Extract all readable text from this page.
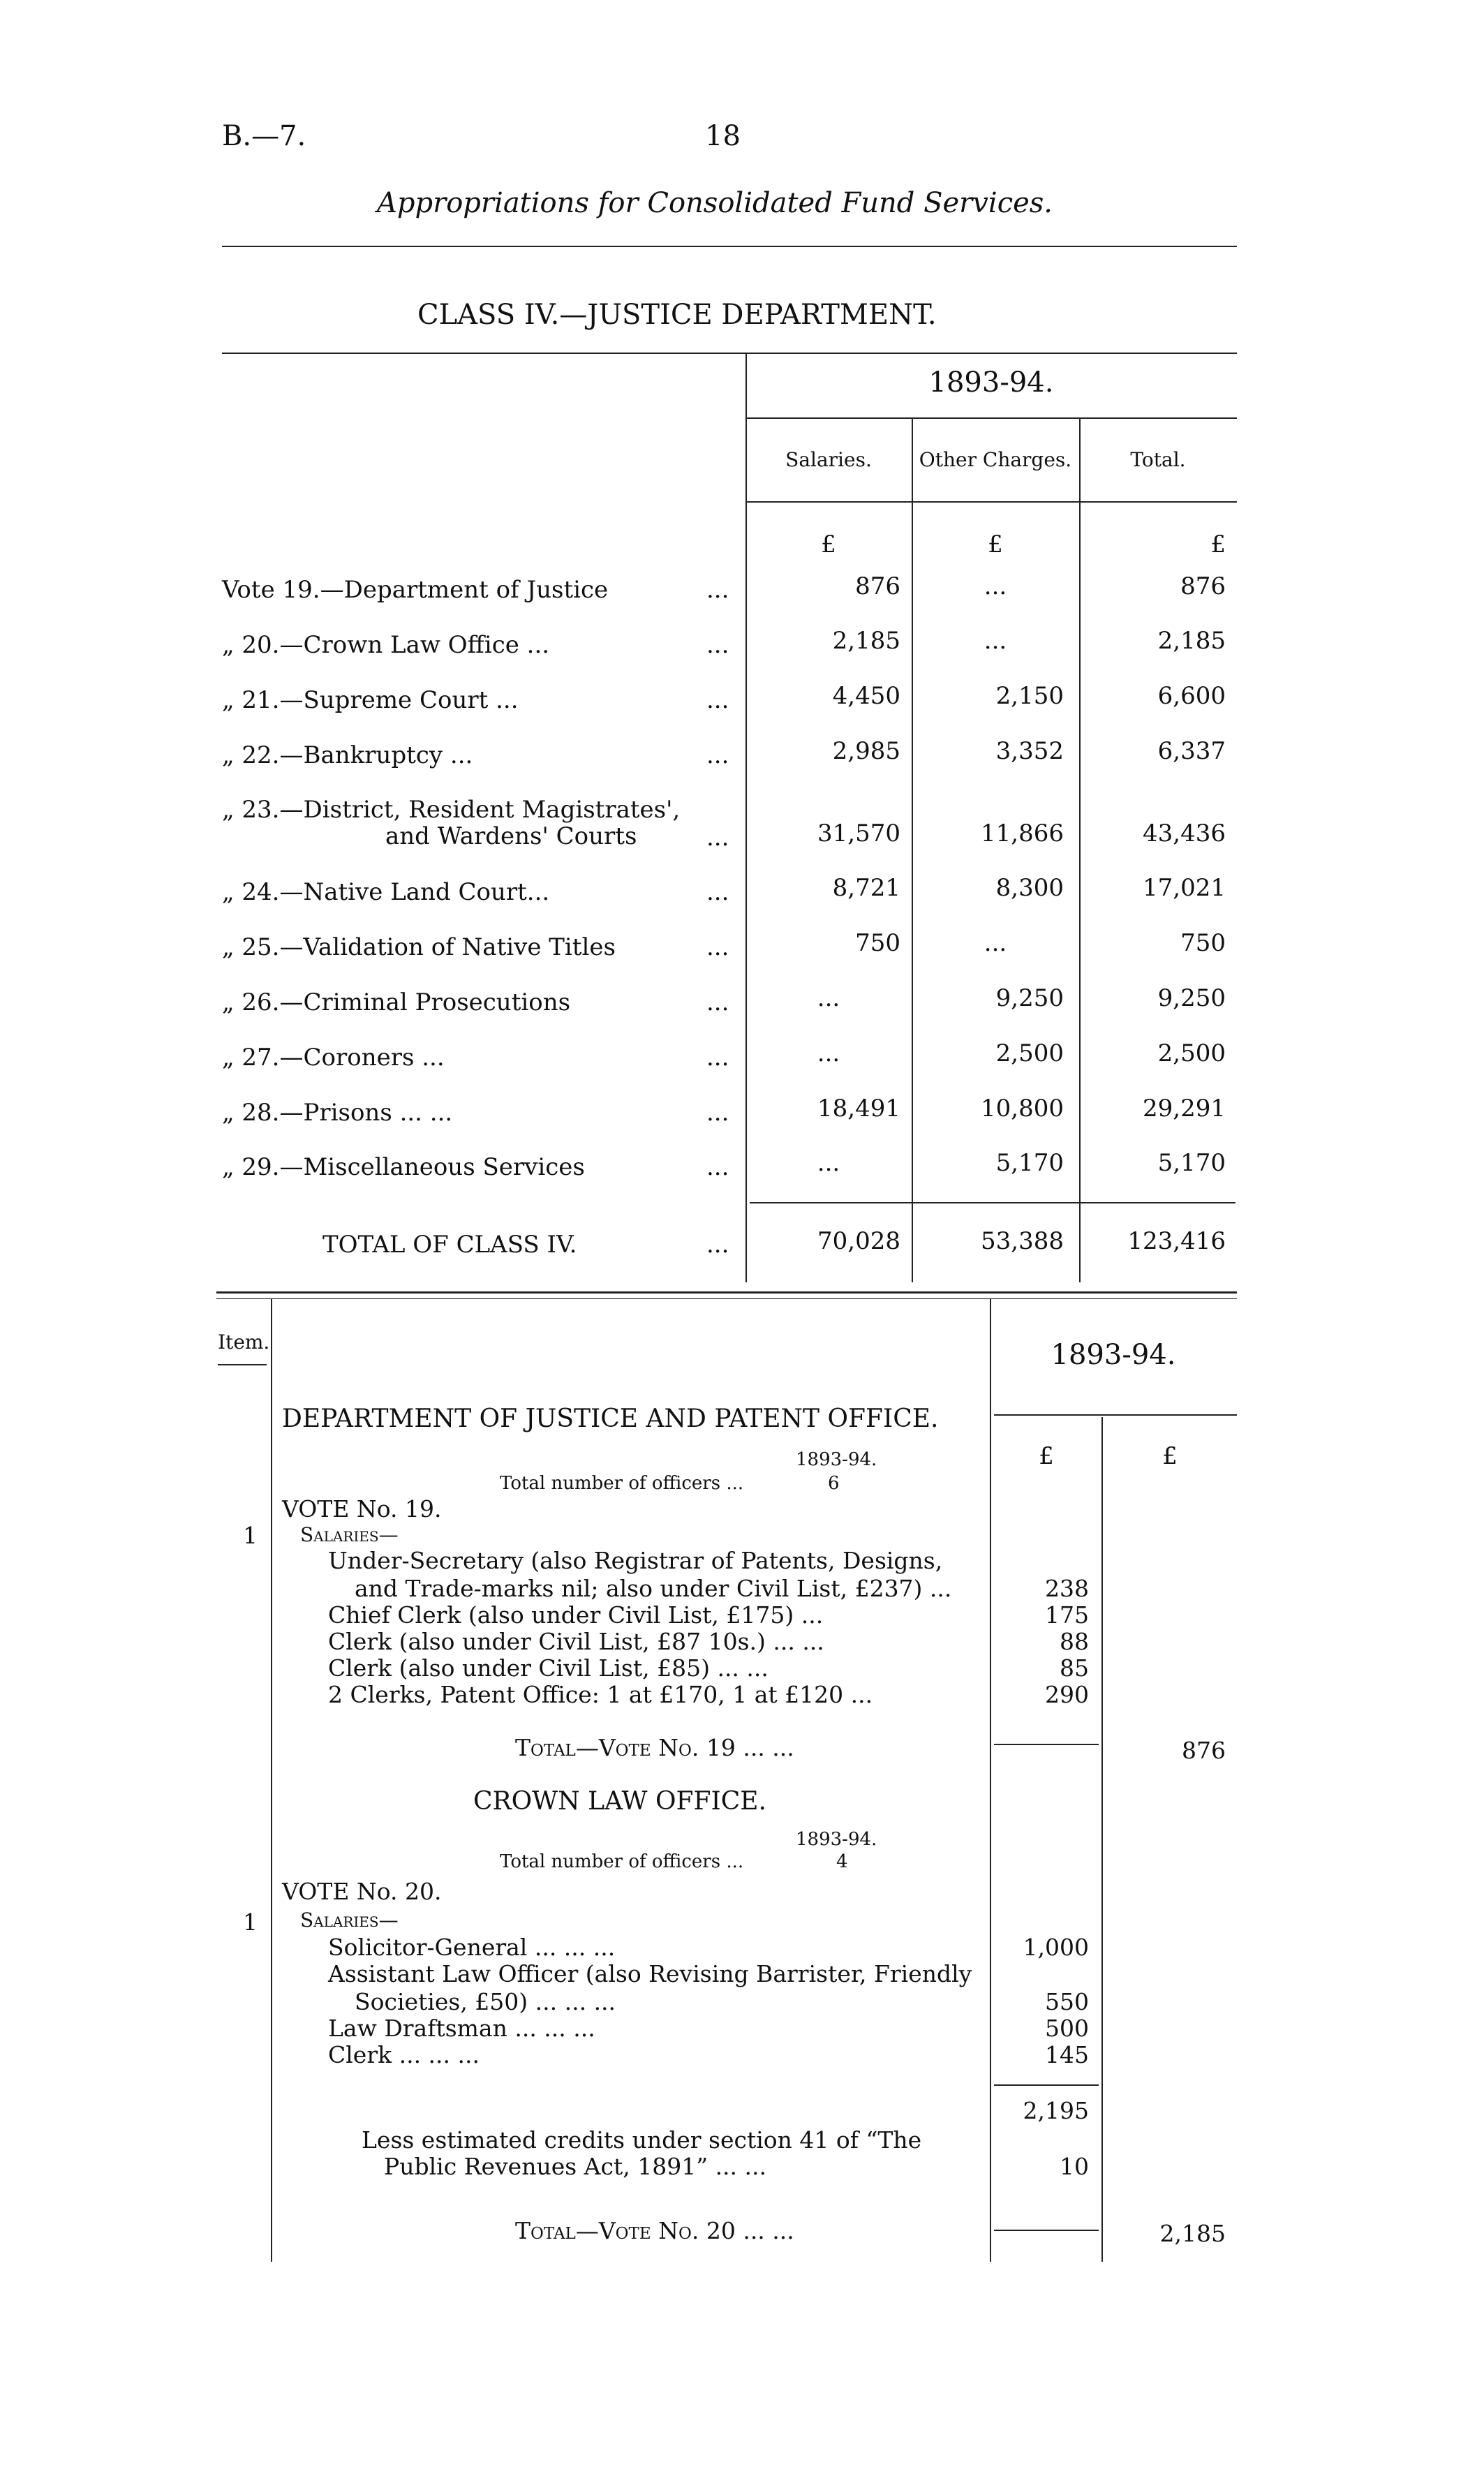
B.—7.	18
Appropriations for Consolidated Fund Services.
CLASS IV.—JUSTICE DEPARTMENT.
1893-94.
Salaries.	Other Charges.	Total.
£	£	£
Vote 19.—Department of Justice	...	876	...	876
„ 20.—Crown Law Office ...	...	2,185	...	2,185
„ 21.—Supreme Court ...	...	4,450	2,150	6,600
„ 22.—Bankruptcy ...	...	2,985	3,352	6,337
„ 23.—District, Resident Magistrates',
and Wardens' Courts	...	31,570	11,866	43,436
„ 24.—Native Land Court...	...	8,721	8,300	17,021
„ 25.—Validation of Native Titles	...	750	...	750
„ 26.—Criminal Prosecutions	...	...	9,250	9,250
„ 27.—Coroners ...	...	...	2,500	2,500
„ 28.—Prisons ... ...	...	18,491	10,800	29,291
„ 29.—Miscellaneous Services	...	...	5,170	5,170
TOTAL OF CLASS IV.	...	70,028	53,388	123,416
Item.	1893-94.
£	£
DEPARTMENT OF JUSTICE AND PATENT OFFICE.
1893-94.
Total number of officers ...	6
VOTE No. 19.
1 Salaries—
Under-Secretary (also Registrar of Patents, Designs,
and Trade-marks nil; also under Civil List, £237) ...	238
Chief Clerk (also under Civil List, £175) ...	175
Clerk (also under Civil List, £87 10s.) ... ...	88
Clerk (also under Civil List, £85) ... ...	85
2 Clerks, Patent Office: 1 at £170, 1 at £120 ...	290
Total—Vote No. 19 ... ...	876
CROWN LAW OFFICE.
1893-94.
Total number of officers ...	4
VOTE No. 20.
1 Salaries—
Solicitor-General ... ... ...	1,000
Assistant Law Officer (also Revising Barrister, Friendly
Societies, £50) ... ... ...	550
Law Draftsman ... ... ...	500
Clerk ... ... ...	145
2,195
Less estimated credits under section 41 of “The
Public Revenues Act, 1891” ... ...	10
Total—Vote No. 20 ... ...	2,185
